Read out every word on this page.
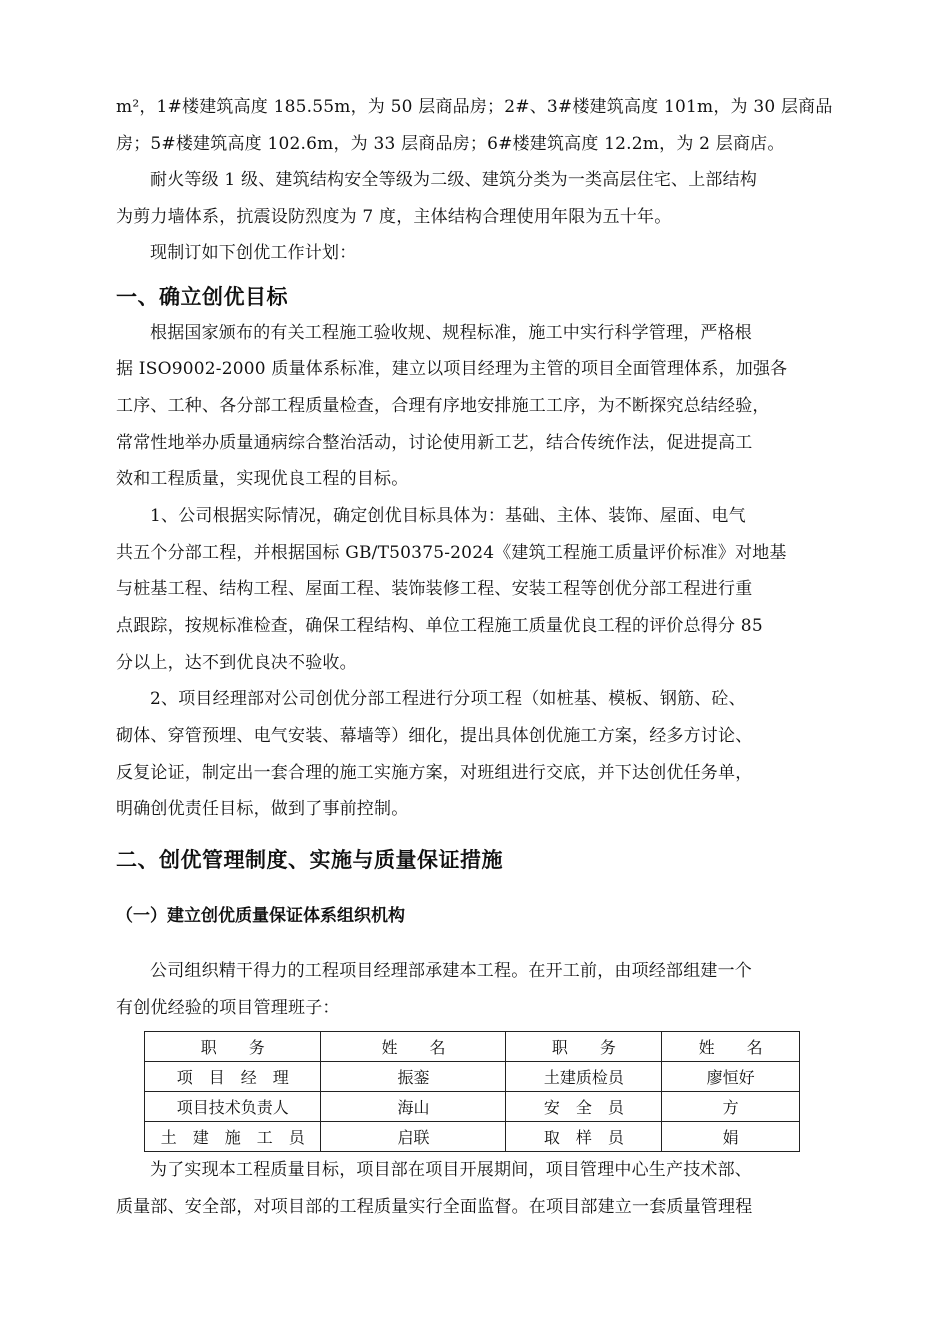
m²，1#楼建筑高度 185.55m，为 50 层商品房；2#、3#楼建筑高度 101m，为 30 层商品

房；5#楼建筑高度 102.6m，为 33 层商品房；6#楼建筑高度 12.2m，为 2 层商店。

耐火等级 1 级、建筑结构安全等级为二级、建筑分类为一类高层住宅、上部结构

为剪力墙体系，抗震设防烈度为 7 度，主体结构合理使用年限为五十年。

现制订如下创优工作计划：

一、确立创优目标

根据国家颁布的有关工程施工验收规、规程标准，施工中实行科学管理，严格根

据 ISO9002-2000 质量体系标准，建立以项目经理为主管的项目全面管理体系，加强各

工序、工种、各分部工程质量检查，合理有序地安排施工工序，为不断探究总结经验，

常常性地举办质量通病综合整治活动，讨论使用新工艺，结合传统作法，促进提高工

效和工程质量，实现优良工程的目标。

1、公司根据实际情况，确定创优目标具体为：基础、主体、装饰、屋面、电气

共五个分部工程，并根据国标 GB/T50375-2024《建筑工程施工质量评价标准》对地基

与桩基工程、结构工程、屋面工程、装饰装修工程、安装工程等创优分部工程进行重

点跟踪，按规标准检查，确保工程结构、单位工程施工质量优良工程的评价总得分 85

分以上，达不到优良决不验收。

2、项目经理部对公司创优分部工程进行分项工程（如桩基、模板、钢筋、砼、

砌体、穿管预埋、电气安装、幕墙等）细化，提出具体创优施工方案，经多方讨论、

反复论证，制定出一套合理的施工实施方案，对班组进行交底，并下达创优任务单，

明确创优责任目标，做到了事前控制。

二、创优管理制度、实施与质量保证措施
（一）建立创优质量保证体系组织机构

公司组织精干得力的工程项目经理部承建本工程。在开工前，由项经部组建一个

有创优经验的项目管理班子：

职　　务	姓　　名	职　　务	姓　　名
项　目　经　理	振銮	土建质检员	廖恒好
项目技术负责人	海山	安　全　员	方
土　建　施　工　员	启联	取　样　员	娟

为了实现本工程质量目标，项目部在项目开展期间，项目管理中心生产技术部、

质量部、安全部，对项目部的工程质量实行全面监督。在项目部建立一套质量管理程
